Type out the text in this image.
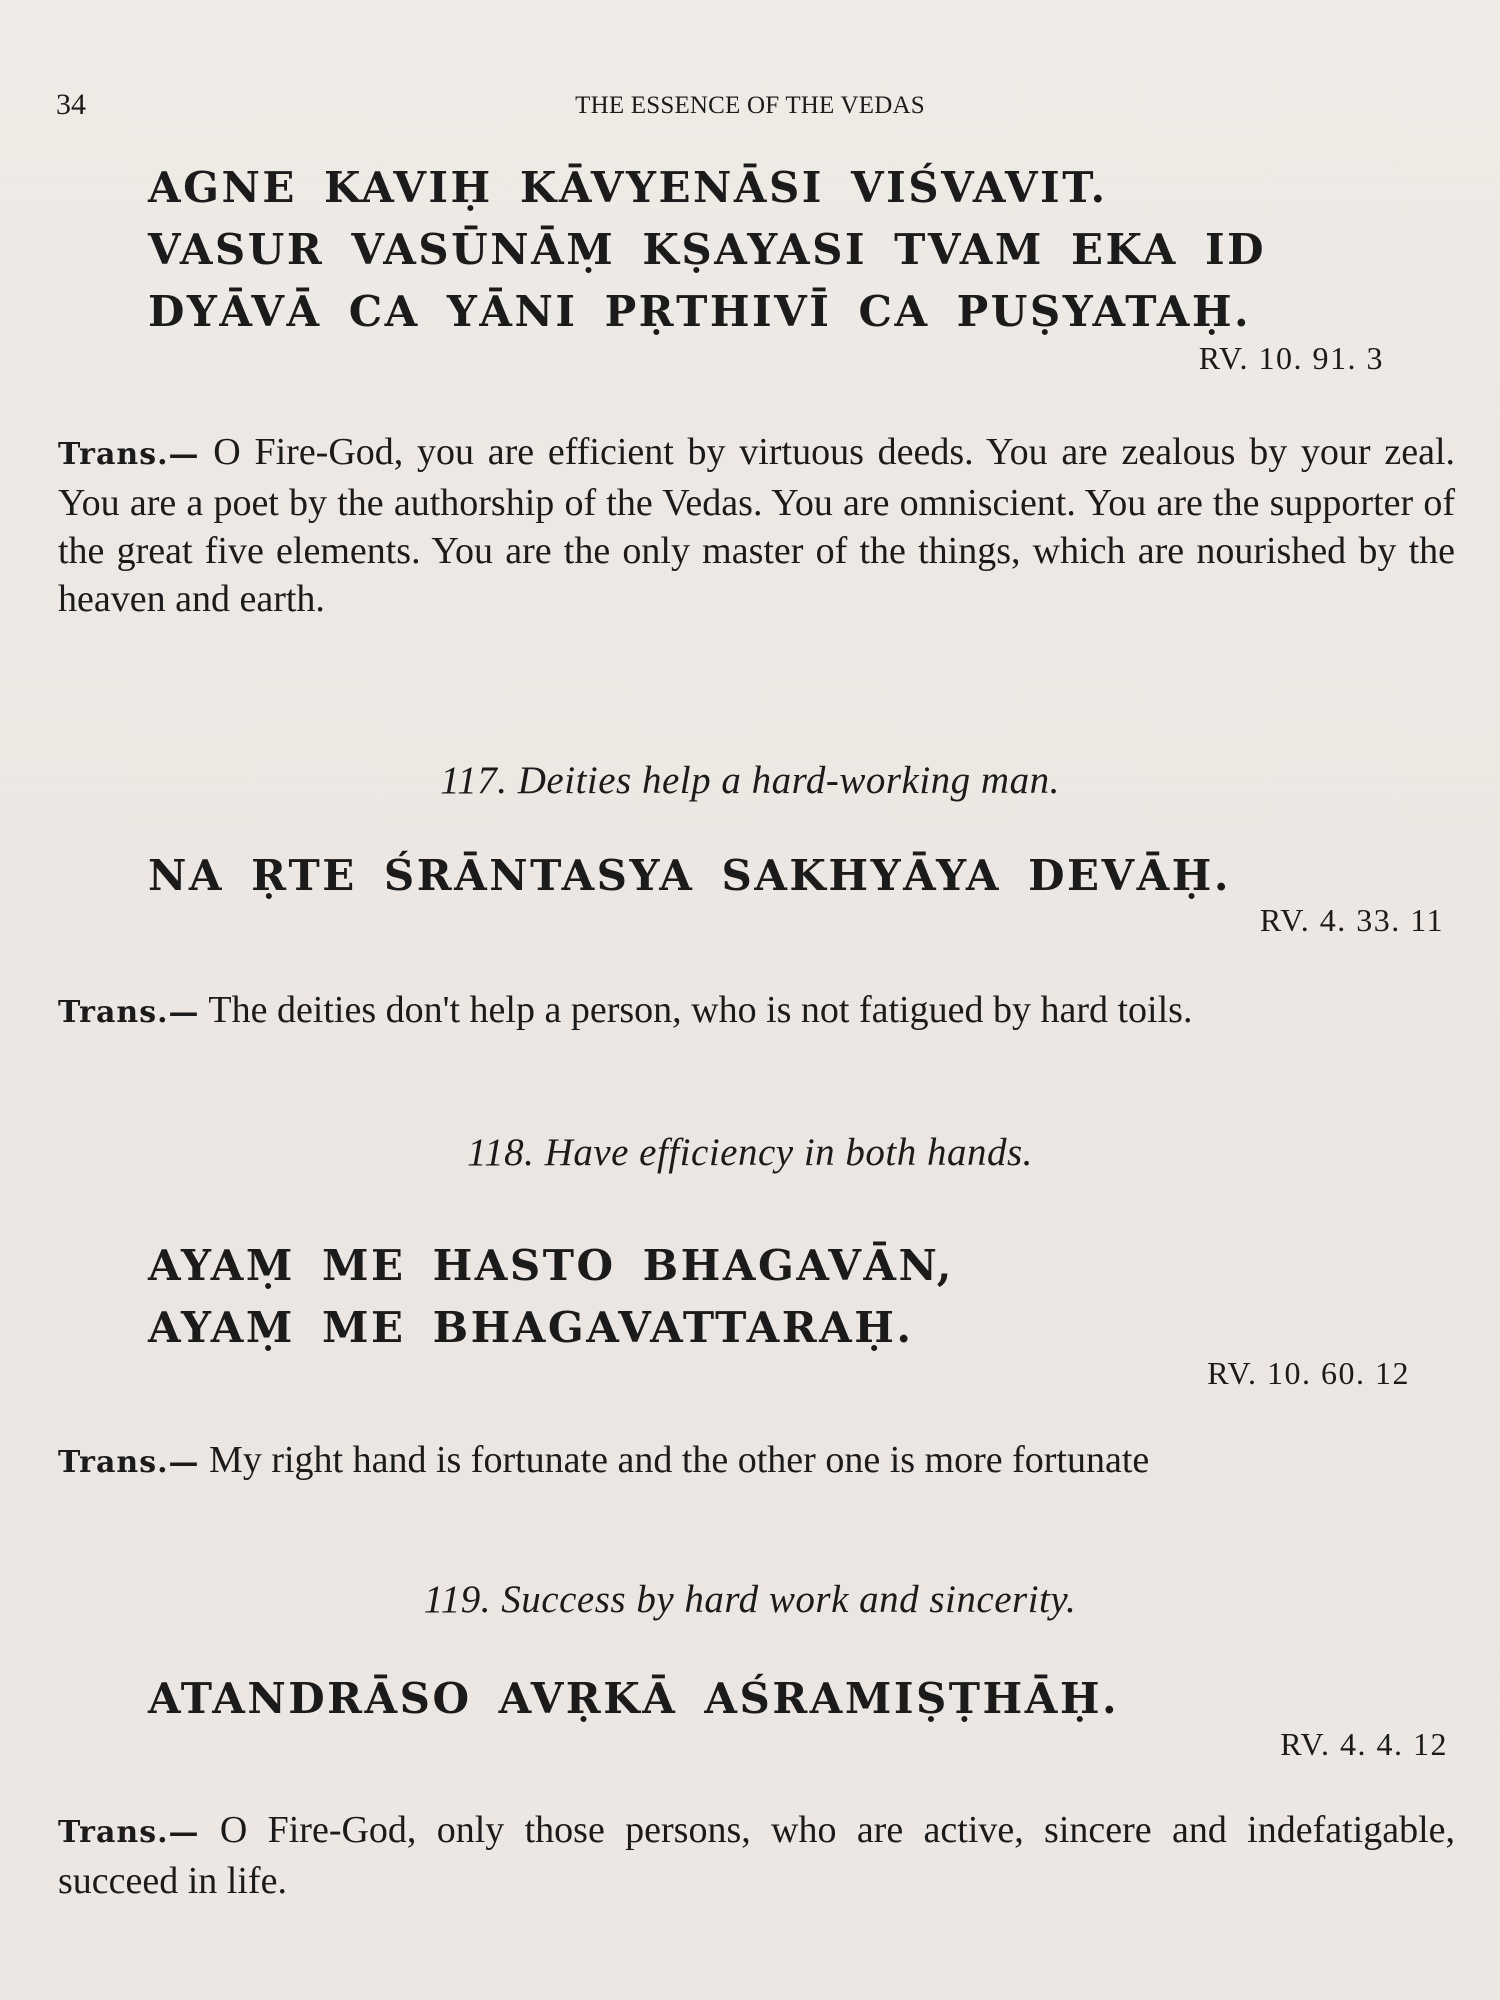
34	THE ESSENCE OF THE VEDAS
AGNE KAVIḤ KĀVYENĀSI VIŚVAVIT.
VASUR VASŪNĀṂ KṢAYASI TVAM EKA ID
DYĀVĀ CA YĀNI PṚTHIVĪ CA PUṢYATAḤ.
RV. 10. 91. 3
Trans.— O Fire-God, you are efficient by virtuous deeds. You are zealous by your zeal. You are a poet by the authorship of the Vedas. You are omniscient. You are the supporter of the great five elements. You are the only master of the things, which are nourished by the heaven and earth.
117. Deities help a hard-working man.
NA ṚTE ŚRĀNTASYA SAKHYĀYA DEVĀḤ.
RV. 4. 33. 11
Trans.— The deities don't help a person, who is not fatigued by hard toils.
118. Have efficiency in both hands.
AYAṂ ME HASTO BHAGAVĀN,
AYAṂ ME BHAGAVATTARAḤ.
RV. 10. 60. 12
Trans.— My right hand is fortunate and the other one is more fortunate
119. Success by hard work and sincerity.
ATANDRĀSO AVṚKĀ AŚRAMIṢṬHĀḤ.
RV. 4. 4. 12
Trans.— O Fire-God, only those persons, who are active, sincere and indefatigable, succeed in life.
